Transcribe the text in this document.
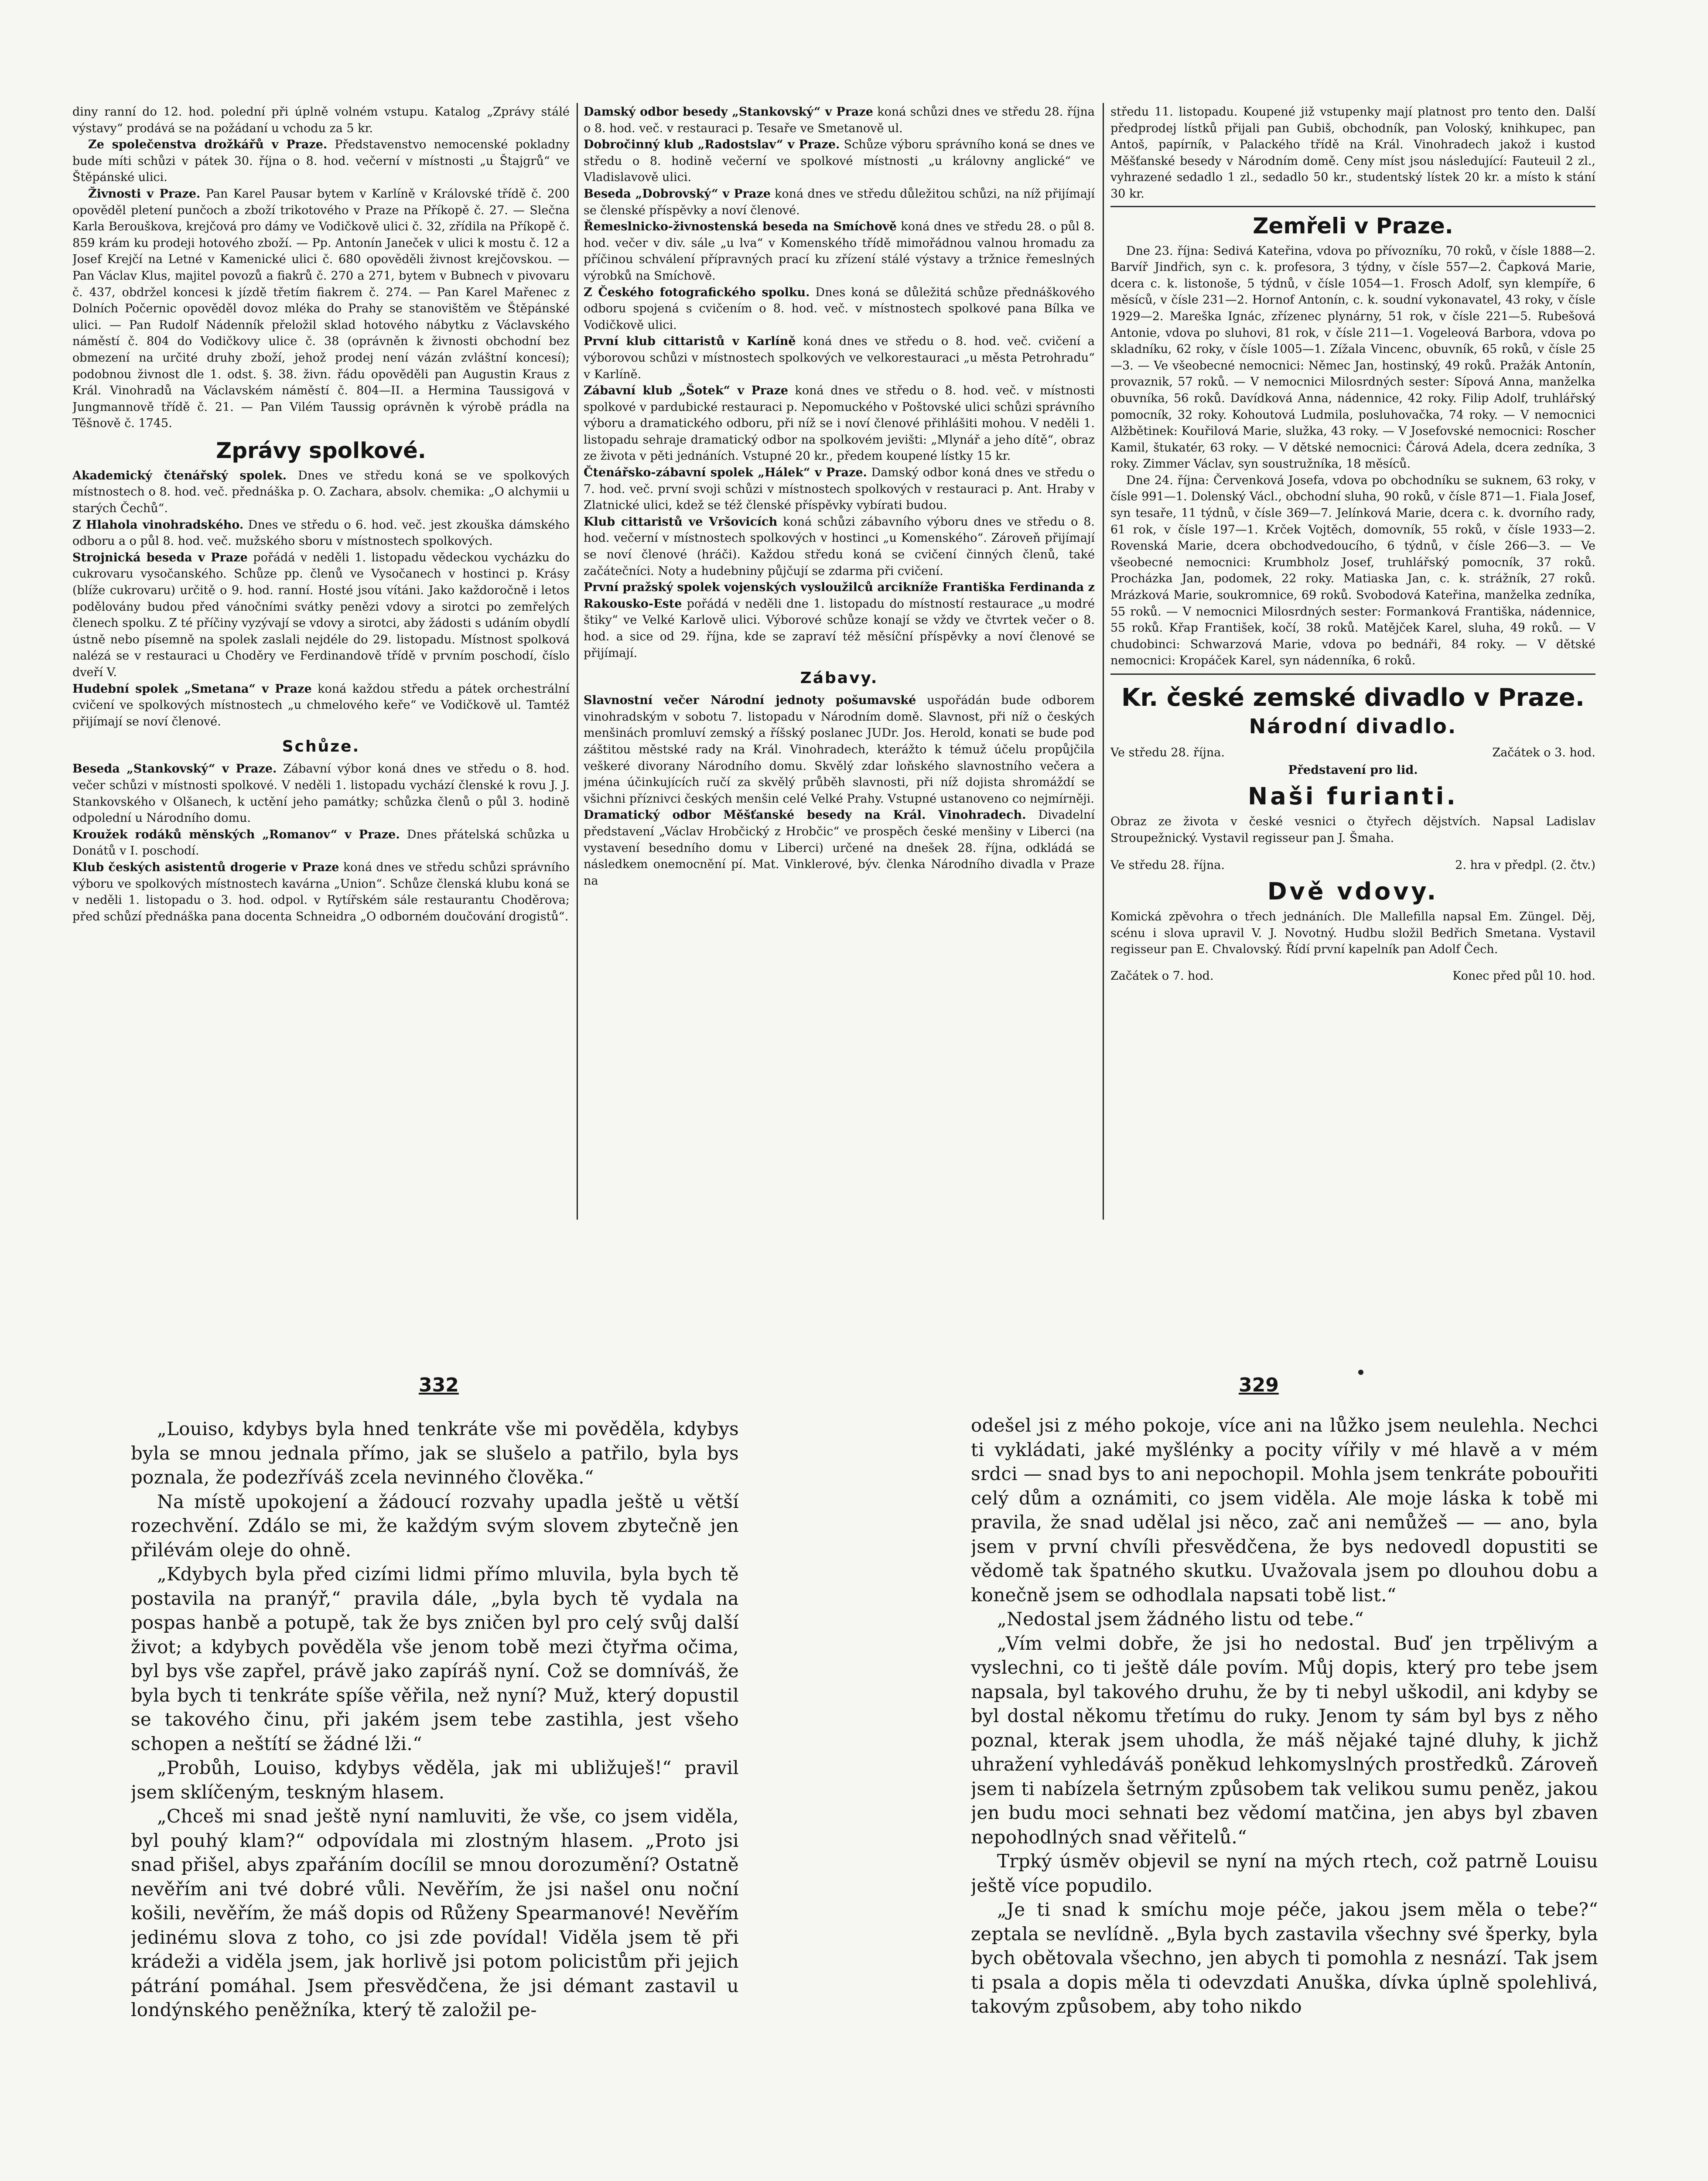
diny ranní do 12. hod. polední při úplně volném vstupu. Katalog „Zprávy stálé výstavy“ prodává se na požádaní u vchodu za 5 kr.

Ze společenstva drožkářů v Praze. Představenstvo nemocenské pokladny bude míti schůzi v pátek 30. října o 8. hod. večerní v místnosti „u Štajgrů“ ve Štěpánské ulici.

Živnosti v Praze. Pan Karel Pausar bytem v Karlíně v Královské třídě č. 200 opověděl pletení punčoch a zboží trikotového v Praze na Příkopě č. 27. — Slečna Karla Berouškova, krejčová pro dámy ve Vodičkově ulici č. 32, zřídila na Příkopě č. 859 krám ku prodeji hotového zboží. — Pp. Antonín Janeček v ulici k mostu č. 12 a Josef Krejčí na Letné v Kamenické ulici č. 680 opověděli živnost krejčovskou. — Pan Václav Klus, majitel povozů a fiakrů č. 270 a 271, bytem v Bubnech v pivovaru č. 437, obdržel koncesi k jízdě třetím fiakrem č. 274. — Pan Karel Mařenec z Dolních Počernic opověděl dovoz mléka do Prahy se stanovištěm ve Štěpánské ulici. — Pan Rudolf Nádenník přeložil sklad hotového nábytku z Václavského náměstí č. 804 do Vodičkovy ulice č. 38 (oprávněn k živnosti obchodní bez obmezení na určité druhy zboží, jehož prodej není vázán zvláštní koncesí); podobnou živnost dle 1. odst. §. 38. živn. řádu opověděli pan Augustin Kraus z Král. Vinohradů na Václavském náměstí č. 804—II. a Hermina Taussigová v Jungmannově třídě č. 21. — Pan Vilém Taussig oprávněn k výrobě prádla na Těšnově č. 1745.

Zprávy spolkové.

Akademický čtenářský spolek. Dnes ve středu koná se ve spolkových místnostech o 8. hod. več. přednáška p. O. Zachara, absolv. chemika: „O alchymii u starých Čechů“.

Z Hlahola vinohradského. Dnes ve středu o 6. hod. več. jest zkouška dámského odboru a o půl 8. hod. več. mužského sboru v místnostech spolkových.

Strojnická beseda v Praze pořádá v neděli 1. listopadu vědeckou vycházku do cukrovaru vysočanského. Schůze pp. členů ve Vysočanech v hostinci p. Krásy (blíže cukrovaru) určitě o 9. hod. ranní. Hosté jsou vítáni. Jako každoročně i letos podělovány budou před vánočními svátky penězi vdovy a sirotci po zemřelých členech spolku. Z té příčiny vyzývají se vdovy a sirotci, aby žádosti s udáním obydlí ústně nebo písemně na spolek zaslali nejdéle do 29. listopadu. Místnost spolková nalézá se v restauraci u Choděry ve Ferdinandově třídě v prvním poschodí, číslo dveří V.

Hudební spolek „Smetana“ v Praze koná každou středu a pátek orchestrální cvičení ve spolkových místnostech „u chmelového keře“ ve Vodičkově ul. Tamtéž přijímají se noví členové.

Schůze.

Beseda „Stankovský“ v Praze. Zábavní výbor koná dnes ve středu o 8. hod. večer schůzi v místnosti spolkové. V neděli 1. listopadu vychází členské k rovu J. J. Stankovského v Olšanech, k uctění jeho památky; schůzka členů o půl 3. hodině odpolední u Národního domu.

Kroužek rodáků měnských „Romanov“ v Praze. Dnes přátelská schůzka u Donátů v I. poschodí.

Klub českých asistentů drogerie v Praze koná dnes ve středu schůzi správního výboru ve spolkových místnostech kavárna „Union“. Schůze členská klubu koná se v neděli 1. listopadu o 3. hod. odpol. v Rytířském sále restaurantu Choděrova; před schůzí přednáška pana docenta Schneidra „O odborném doučování drogistů“.

Damský odbor besedy „Stankovský“ v Praze koná schůzi dnes ve středu 28. října o 8. hod. več. v restauraci p. Tesaře ve Smetanově ul.

Dobročinný klub „Radostslav“ v Praze. Schůze výboru správního koná se dnes ve středu o 8. hodině večerní ve spolkové místnosti „u královny anglické“ ve Vladislavově ulici.

Beseda „Dobrovský“ v Praze koná dnes ve středu důležitou schůzi, na níž přijímají se členské příspěvky a noví členové.

Řemeslnicko-živnostenská beseda na Smíchově koná dnes ve středu 28. o půl 8. hod. večer v div. sále „u lva“ v Komenského třídě mimořádnou valnou hromadu za příčinou schválení přípravných prací ku zřízení stálé výstavy a tržnice řemeslných výrobků na Smíchově.

Z Českého fotografického spolku. Dnes koná se důležitá schůze přednáškového odboru spojená s cvičením o 8. hod. več. v místnostech spolkové pana Bílka ve Vodičkově ulici.

První klub cittaristů v Karlíně koná dnes ve středu o 8. hod. več. cvičení a výborovou schůzi v místnostech spolkových ve velkorestauraci „u města Petrohradu“ v Karlíně.

Zábavní klub „Šotek“ v Praze koná dnes ve středu o 8. hod. več. v místnosti spolkové v pardubické restauraci p. Nepomuckého v Poštovské ulici schůzi správního výboru a dramatického odboru, při níž se i noví členové přihlášiti mohou. V neděli 1. listopadu sehraje dramatický odbor na spolkovém jevišti: „Mlynář a jeho dítě“, obraz ze života v pěti jednáních. Vstupné 20 kr., předem koupené lístky 15 kr.

Čtenářsko-zábavní spolek „Hálek“ v Praze. Damský odbor koná dnes ve středu o 7. hod. več. první svoji schůzi v místnostech spolkových v restauraci p. Ant. Hraby v Zlatnické ulici, kdež se též členské příspěvky vybírati budou.

Klub cittaristů ve Vršovicích koná schůzi zábavního výboru dnes ve středu o 8. hod. večerní v místnostech spolkových v hostinci „u Komenského“. Zároveň přijímají se noví členové (hráči). Každou středu koná se cvičení činných členů, také začátečníci. Noty a hudebniny půjčují se zdarma při cvičení.

První pražský spolek vojenských vysloužilců arcikníže Františka Ferdinanda z Rakousko-Este pořádá v neděli dne 1. listopadu do místností restaurace „u modré štiky“ ve Velké Karlově ulici. Výborové schůze konají se vždy ve čtvrtek večer o 8. hod. a sice od 29. října, kde se zapraví též měsíční příspěvky a noví členové se přijímají.

Zábavy.

Slavnostní večer Národní jednoty pošumavské uspořádán bude odborem vinohradským v sobotu 7. listopadu v Národním domě. Slavnost, při níž o českých menšinách promluví zemský a říšský poslanec JUDr. Jos. Herold, konati se bude pod záštitou městské rady na Král. Vinohradech, kterážto k témuž účelu propůjčila veškeré divorany Národního domu. Skvělý zdar loňského slavnostního večera a jména účinkujících ručí za skvělý průběh slavnosti, při níž dojista shromáždí se všichni příznivci českých menšin celé Velké Prahy. Vstupné ustanoveno co nejmírněji.

Dramatický odbor Měšťanské besedy na Král. Vinohradech. Divadelní představení „Václav Hrobčický z Hrobčic“ ve prospěch české menšiny v Liberci (na vystavení besedního domu v Liberci) určené na dnešek 28. října, odkládá se následkem onemocnění pí. Mat. Vinklerové, býv. členka Národního divadla v Praze na

středu 11. listopadu. Koupené již vstupenky mají platnost pro tento den. Další předprodej lístků přijali pan Gubiš, obchodník, pan Voloský, knihkupec, pan Antoš, papírník, v Palackého třídě na Král. Vinohradech jakož i kustod Měšťanské besedy v Národním domě. Ceny míst jsou následující: Fauteuil 2 zl., vyhrazené sedadlo 1 zl., sedadlo 50 kr., studentský lístek 20 kr. a místo k stání 30 kr.

Zemřeli v Praze.

Dne 23. října: Sedivá Kateřina, vdova po přívozníku, 70 roků, v čísle 1888—2. Barvíř Jindřich, syn c. k. profesora, 3 týdny, v čísle 557—2. Čapková Marie, dcera c. k. listonoše, 5 týdnů, v čísle 1054—1. Frosch Adolf, syn klempíře, 6 měsíců, v čísle 231—2. Hornof Antonín, c. k. soudní vykonavatel, 43 roky, v čísle 1929—2. Mareška Ignác, zřízenec plynárny, 51 rok, v čísle 221—5. Rubešová Antonie, vdova po sluhovi, 81 rok, v čísle 211—1. Vogeleová Barbora, vdova po skladníku, 62 roky, v čísle 1005—1. Zížala Vincenc, obuvník, 65 roků, v čísle 25—3. — Ve všeobecné nemocnici: Němec Jan, hostinský, 49 roků. Pražák Antonín, provaznik, 57 roků. — V nemocnici Milosrdných sester: Sípová Anna, manželka obuvníka, 56 roků. Davídková Anna, nádennice, 42 roky. Filip Adolf, truhlářský pomocník, 32 roky. Kohoutová Ludmila, posluhovačka, 74 roky. — V nemocnici Alžbětinek: Kouřilová Marie, služka, 43 roky. — V Josefovské nemocnici: Roscher Kamil, štukatér, 63 roky. — V dětské nemocnici: Čárová Adela, dcera zedníka, 3 roky. Zimmer Václav, syn soustružníka, 18 měsíců.

Dne 24. října: Červenková Josefa, vdova po obchodníku se suknem, 63 roky, v čísle 991—1. Dolenský Václ., obchodní sluha, 90 roků, v čísle 871—1. Fiala Josef, syn tesaře, 11 týdnů, v čísle 369—7. Jelínková Marie, dcera c. k. dvorního rady, 61 rok, v čísle 197—1. Krček Vojtěch, domovník, 55 roků, v čísle 1933—2. Rovenská Marie, dcera obchodvedoucího, 6 týdnů, v čísle 266—3. — Ve všeobecné nemocnici: Krumbholz Josef, truhlářský pomocník, 37 roků. Procházka Jan, podomek, 22 roky. Matiaska Jan, c. k. strážník, 27 roků. Mrázková Marie, soukromnice, 69 roků. Svobodová Kateřina, manželka zedníka, 55 roků. — V nemocnici Milosrdných sester: Formanková Františka, nádennice, 55 roků. Křap František, kočí, 38 roků. Matějček Karel, sluha, 49 roků. — V chudobinci: Schwarzová Marie, vdova po bednáři, 84 roky. — V dětské nemocnici: Kropáček Karel, syn nádenníka, 6 roků.

Kr. české zemské divadlo v Praze.
Národní divadlo.
Ve středu 28. října.	Začátek o 3. hod.
Představení pro lid.
Naši furianti.

Obraz ze života v české vesnici o čtyřech dějstvích. Napsal Ladislav Stroupežnický. Vystavil regisseur pan J. Šmaha.

Ve středu 28. října.	2. hra v předpl. (2. čtv.)
Dvě vdovy.

Komická zpěvohra o třech jednáních. Dle Mallefilla napsal Em. Züngel. Děj, scénu i slova upravil V. J. Novotný. Hudbu složil Bedřich Smetana. Vystavil regisseur pan E. Chvalovský. Řídí první kapelník pan Adolf Čech.

Začátek o 7. hod.	Konec před půl 10. hod.
332	329
„Louiso, kdybys byla hned tenkráte vše mi pověděla, kdybys byla se mnou jednala přímo, jak se slušelo a patřilo, byla bys poznala, že podezříváš zcela nevinného člověka.“
Na místě upokojení a žádoucí rozvahy upadla ještě u větší rozechvění. Zdálo se mi, že každým svým slovem zbytečně jen přilévám oleje do ohně.
„Kdybych byla před cizími lidmi přímo mluvila, byla bych tě postavila na pranýř,“ pravila dále, „byla bych tě vydala na pospas hanbě a potupě, tak že bys zničen byl pro celý svůj další život; a kdybych pověděla vše jenom tobě mezi čtyřma očima, byl bys vše zapřel, právě jako zapíráš nyní. Což se domníváš, že byla bych ti tenkráte spíše věřila, než nyní? Muž, který dopustil se takového činu, při jakém jsem tebe zastihla, jest všeho schopen a neštítí se žádné lži.“
„Probůh, Louiso, kdybys věděla, jak mi ubližuješ!“ pravil jsem sklíčeným, teskným hlasem.
„Chceš mi snad ještě nyní namluviti, že vše, co jsem viděla, byl pouhý klam?“ odpovídala mi zlostným hlasem. „Proto jsi snad přišel, abys zpařáním docílil se mnou dorozumění? Ostatně nevěřím ani tvé dobré vůli. Nevěřím, že jsi našel onu noční košili, nevěřím, že máš dopis od Růženy Spearmanové! Nevěřím jedinému slova z toho, co jsi zde povídal! Viděla jsem tě při krádeži a viděla jsem, jak horlivě jsi potom policistům při jejich pátrání pomáhal. Jsem přesvědčena, že jsi démant zastavil u londýnského peněžníka, který tě založil pe-
odešel jsi z mého pokoje, více ani na lůžko jsem neulehla. Nechci ti vykládati, jaké myšlénky a pocity vířily v mé hlavě a v mém srdci — snad bys to ani nepochopil. Mohla jsem tenkráte pobouřiti celý dům a oznámiti, co jsem viděla. Ale moje láska k tobě mi pravila, že snad udělal jsi něco, zač ani nemůžeš — — ano, byla jsem v první chvíli přesvědčena, že bys nedovedl dopustiti se vědomě tak špatného skutku. Uvažovala jsem po dlouhou dobu a konečně jsem se odhodlala napsati tobě list.“
„Nedostal jsem žádného listu od tebe.“
„Vím velmi dobře, že jsi ho nedostal. Buď jen trpělivým a vyslechni, co ti ještě dále povím. Můj dopis, který pro tebe jsem napsala, byl takového druhu, že by ti nebyl uškodil, ani kdyby se byl dostal někomu třetímu do ruky. Jenom ty sám byl bys z něho poznal, kterak jsem uhodla, že máš nějaké tajné dluhy, k jichž uhražení vyhledáváš poněkud lehkomyslných prostředků. Zároveň jsem ti nabízela šetrným způsobem tak velikou sumu peněz, jakou jen budu moci sehnati bez vědomí matčina, jen abys byl zbaven nepohodlných snad věřitelů.“
Trpký úsměv objevil se nyní na mých rtech, což patrně Louisu ještě více popudilo.
„Je ti snad k smíchu moje péče, jakou jsem měla o tebe?“ zeptala se nevlídně. „Byla bych zastavila všechny své šperky, byla bych obětovala všechno, jen abych ti pomohla z nesnází. Tak jsem ti psala a dopis měla ti odevzdati Anuška, dívka úplně spolehlivá, takovým způsobem, aby toho nikdo
